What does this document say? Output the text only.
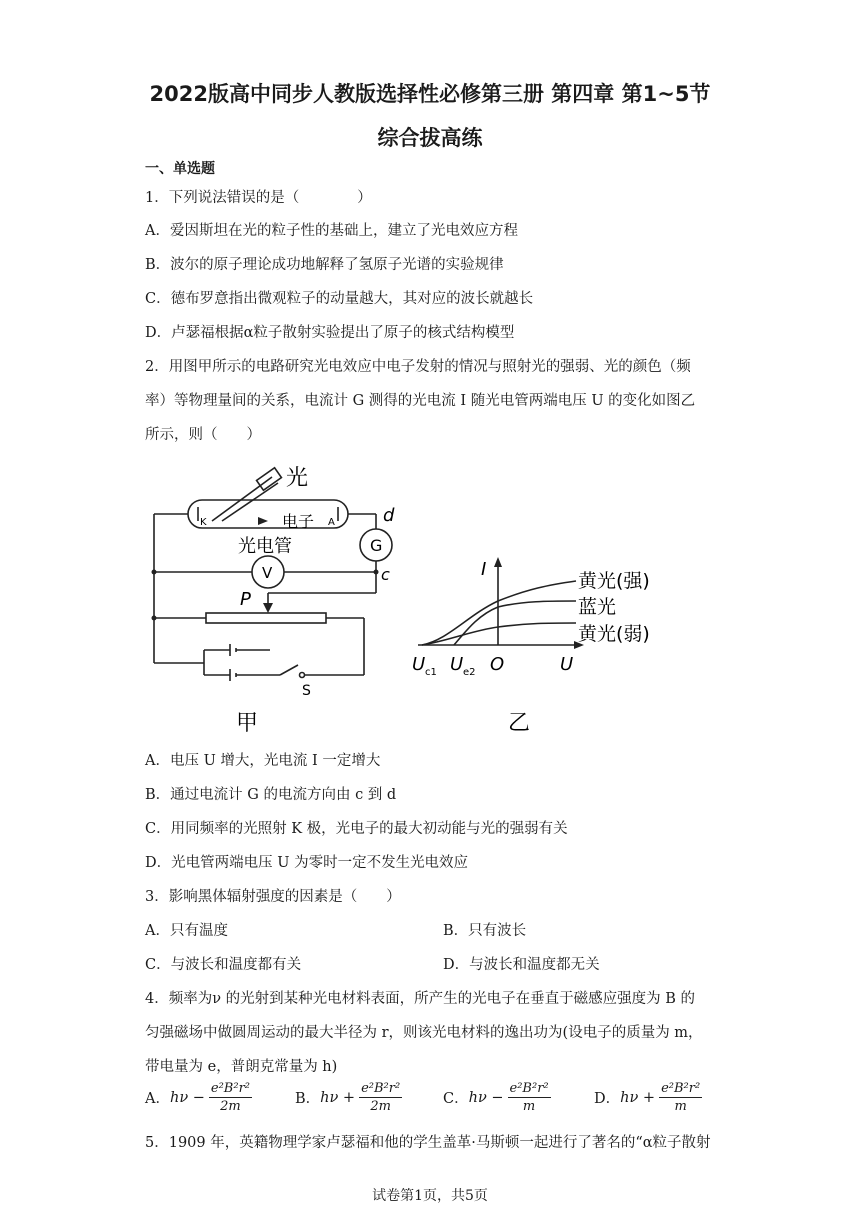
2022版高中同步人教版选择性必修第三册 第四章 第1~5节
综合拔高练
一、单选题
1．下列说法错误的是（　　　　）
A．爱因斯坦在光的粒子性的基础上，建立了光电效应方程
B．波尔的原子理论成功地解释了氢原子光谱的实验规律
C．德布罗意指出微观粒子的动量越大，其对应的波长就越长
D．卢瑟福根据α粒子散射实验提出了原子的核式结构模型
2．用图甲所示的电路研究光电效应中电子发射的情况与照射光的强弱、光的颜色（频
率）等物理量间的关系，电流计 G 测得的光电流 I 随光电管两端电压 U 的变化如图乙
所示，则（　　）
光
K	A
电子
光电管	G
V
d
c
P
S
甲
I
U
O
U c1 U e2
黄光(强)
蓝光
黄光(弱)
乙
A．电压 U 增大，光电流 I 一定增大
B．通过电流计 G 的电流方向由 c 到 d
C．用同频率的光照射 K 极，光电子的最大初动能与光的强弱有关
D．光电管两端电压 U 为零时一定不发生光电效应
3．影响黑体辐射强度的因素是（　　）
A．只有温度	B．只有波长
C．与波长和温度都有关	D．与波长和温度都无关
4．频率为ν 的光射到某种光电材料表面，所产生的光电子在垂直于磁感应强度为 B 的
匀强磁场中做圆周运动的最大半径为 r，则该光电材料的逸出功为(设电子的质量为 m，
带电量为 e，普朗克常量为 h)
A． $h\nu - \frac{\text{e²B²r²}}{2m}$	B． $h\nu + \frac{\text{e²B²r²}}{2m}$	C． $h\nu - \frac{\text{e²B²r²}}{m}$	D． $h\nu + \frac{\text{e²B²r²}}{m}$
5．1909 年，英籍物理学家卢瑟福和他的学生盖革·马斯顿一起进行了著名的“α粒子散射
试卷第1页，共5页
